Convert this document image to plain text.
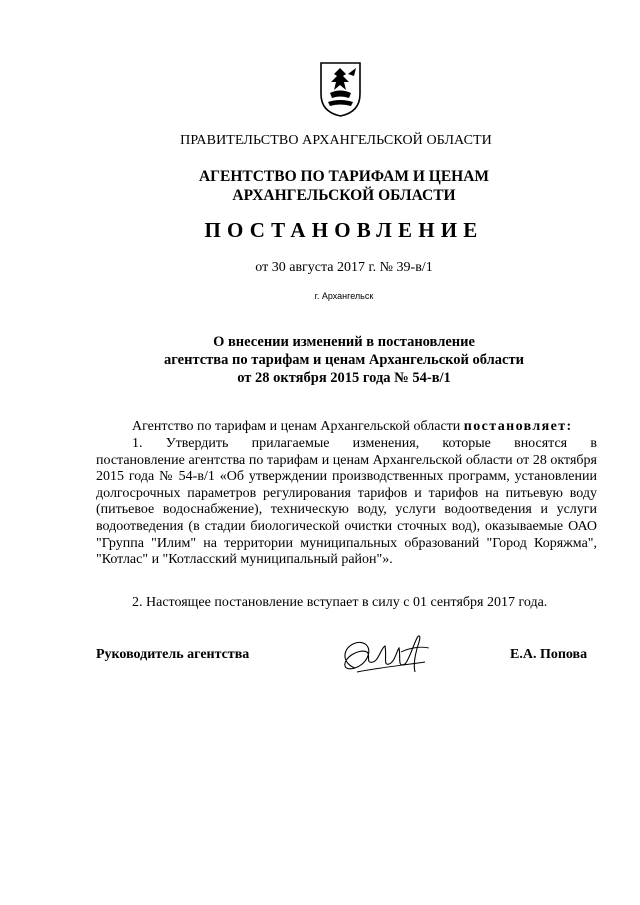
ПРАВИТЕЛЬСТВО АРХАНГЕЛЬСКОЙ ОБЛАСТИ
АГЕНТСТВО ПО ТАРИФАМ И ЦЕНАМ
АРХАНГЕЛЬСКОЙ ОБЛАСТИ
ПОСТАНОВЛЕНИЕ
от 30 августа 2017 г. № 39-в/1
г. Архангельск
О внесении изменений в постановление
агентства по тарифам и ценам Архангельской области
от 28 октября 2015 года № 54-в/1
Агентство по тарифам и ценам Архангельской области постановляет:
1. Утвердить прилагаемые изменения, которые вносятся в
постановление агентства по тарифам и ценам Архангельской области от 28 октября 2015 года № 54-в/1 «Об утверждении производственных программ, установлении долгосрочных параметров регулирования тарифов и тарифов на питьевую воду (питьевое водоснабжение), техническую воду, услуги водоотведения и услуги водоотведения (в стадии биологической очистки сточных вод), оказываемые ОАО "Группа "Илим" на территории муниципальных образований "Город Коряжма", "Котлас" и "Котласский муниципальный район"».
2. Настоящее постановление вступает в силу с 01 сентября 2017 года.
Руководитель агентства	Е.А. Попова
